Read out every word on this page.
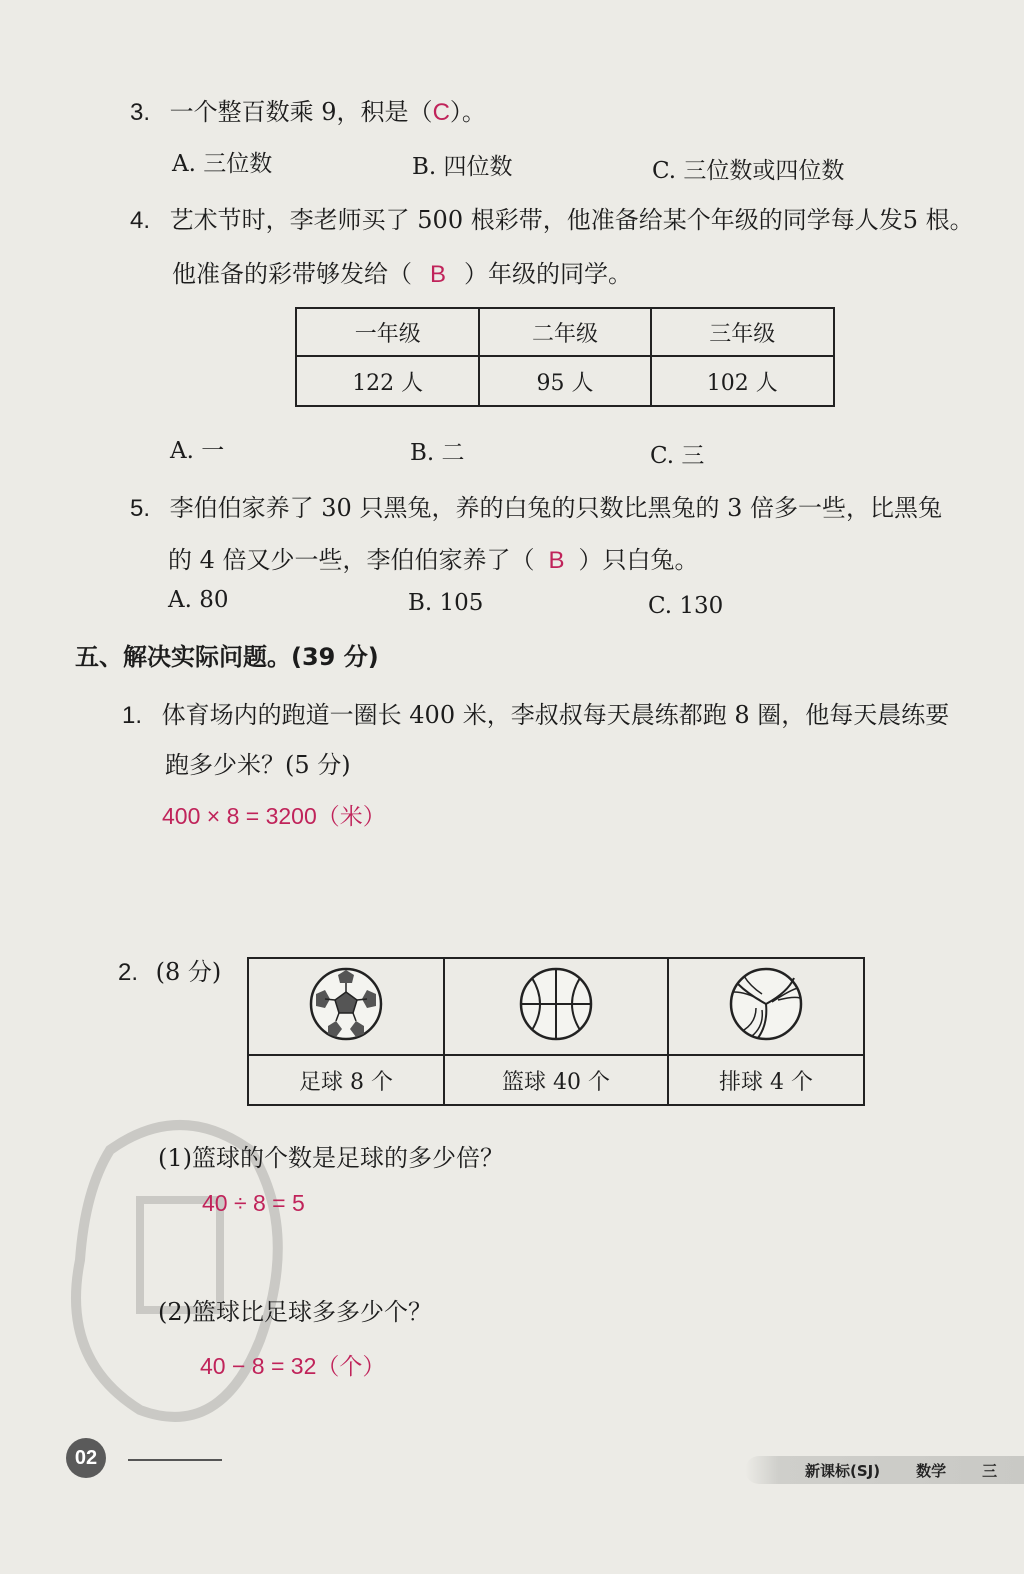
3. 一个整百数乘 9，积是（C）。
A. 三位数	B. 四位数	C. 三位数或四位数
4. 艺术节时，李老师买了 500 根彩带，他准备给某个年级的同学每人发5 根。
他准备的彩带够发给（ B ）年级的同学。
一年级	二年级	三年级
122 人	95 人	102 人
A. 一	B. 二	C. 三
5. 李伯伯家养了 30 只黑兔，养的白兔的只数比黑兔的 3 倍多一些，比黑兔
的 4 倍又少一些，李伯伯家养了（ B ）只白兔。
A. 80	B. 105	C. 130
五、解决实际问题。(39 分)
1. 体育场内的跑道一圈长 400 米，李叔叔每天晨练都跑 8 圈，他每天晨练要
跑多少米？(5 分)
400 × 8 = 3200（米）
2. (8 分)

足球 8 个	篮球 40 个	排球 4 个
(1)篮球的个数是足球的多少倍？
40 ÷ 8 = 5
(2)篮球比足球多多少个？
40 − 8 = 32（个）
02
新课标(SJ) 数学 三
